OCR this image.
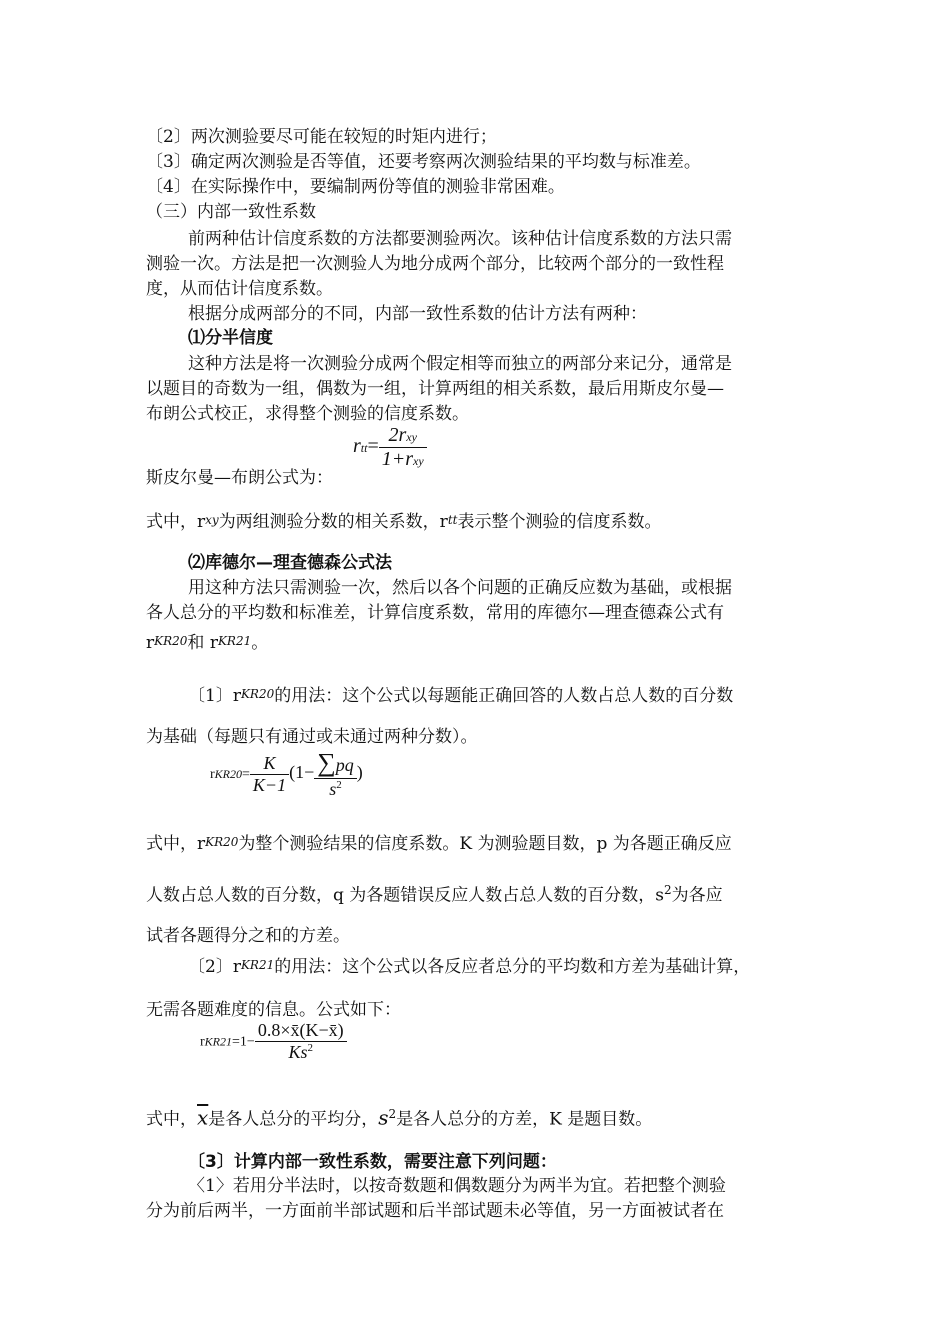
〔2〕两次测验要尽可能在较短的时矩内进行；
〔3〕确定两次测验是否等值，还要考察两次测验结果的平均数与标准差。
〔4〕在实际操作中，要编制两份等值的测验非常困难。
（三）内部一致性系数
前两种估计信度系数的方法都要测验两次。该种估计信度系数的方法只需
测验一次。方法是把一次测验人为地分成两个部分，比较两个部分的一致性程
度，从而估计信度系数。
根据分成两部分的不同，内部一致性系数的估计方法有两种：
⑴分半信度
这种方法是将一次测验分成两个假定相等而独立的两部分来记分，通常是
以题目的奇数为一组，偶数为一组，计算两组的相关系数，最后用斯皮尔曼—
布朗公式校正，求得整个测验的信度系数。
$rtt= \frac{\text{2rxy}}{\text{1+rxy}}$
斯皮尔曼—布朗公式为：
式中，rxy为两组测验分数的相关系数，rtt表示整个测验的信度系数。
⑵库德尔—理查德森公式法
用这种方法只需测验一次，然后以各个问题的正确反应数为基础，或根据
各人总分的平均数和标准差，计算信度系数，常用的库德尔—理查德森公式有
rKR20和 rKR21。
〔1〕rKR20的用法：这个公式以每题能正确回答的人数占总人数的百分数
为基础（每题只有通过或未通过两种分数）。
$rKR20= \frac{K}{K-1} (1- \frac{\sum pq}{s^2}$ )
式中，rKR20为整个测验结果的信度系数。K 为测验题目数，p 为各题正确反应
人数占总人数的百分数，q 为各题错误反应人数占总人数的百分数，$s^2$为各应
试者各题得分之和的方差。
〔2〕rKR21的用法：这个公式以各反应者总分的平均数和方差为基础计算，
无需各题难度的信息。公式如下：
$rKR21=1- \frac{0.8\times x̄(K-x̄)}{Ks^2}$
式中，$\overline{x}$是各人总分的平均分，$s^2$是各人总分的方差，K 是题目数。
〔3〕计算内部一致性系数，需要注意下列问题：
〈1〉若用分半法时，以按奇数题和偶数题分为两半为宜。若把整个测验
分为前后两半，一方面前半部试题和后半部试题未必等值，另一方面被试者在
